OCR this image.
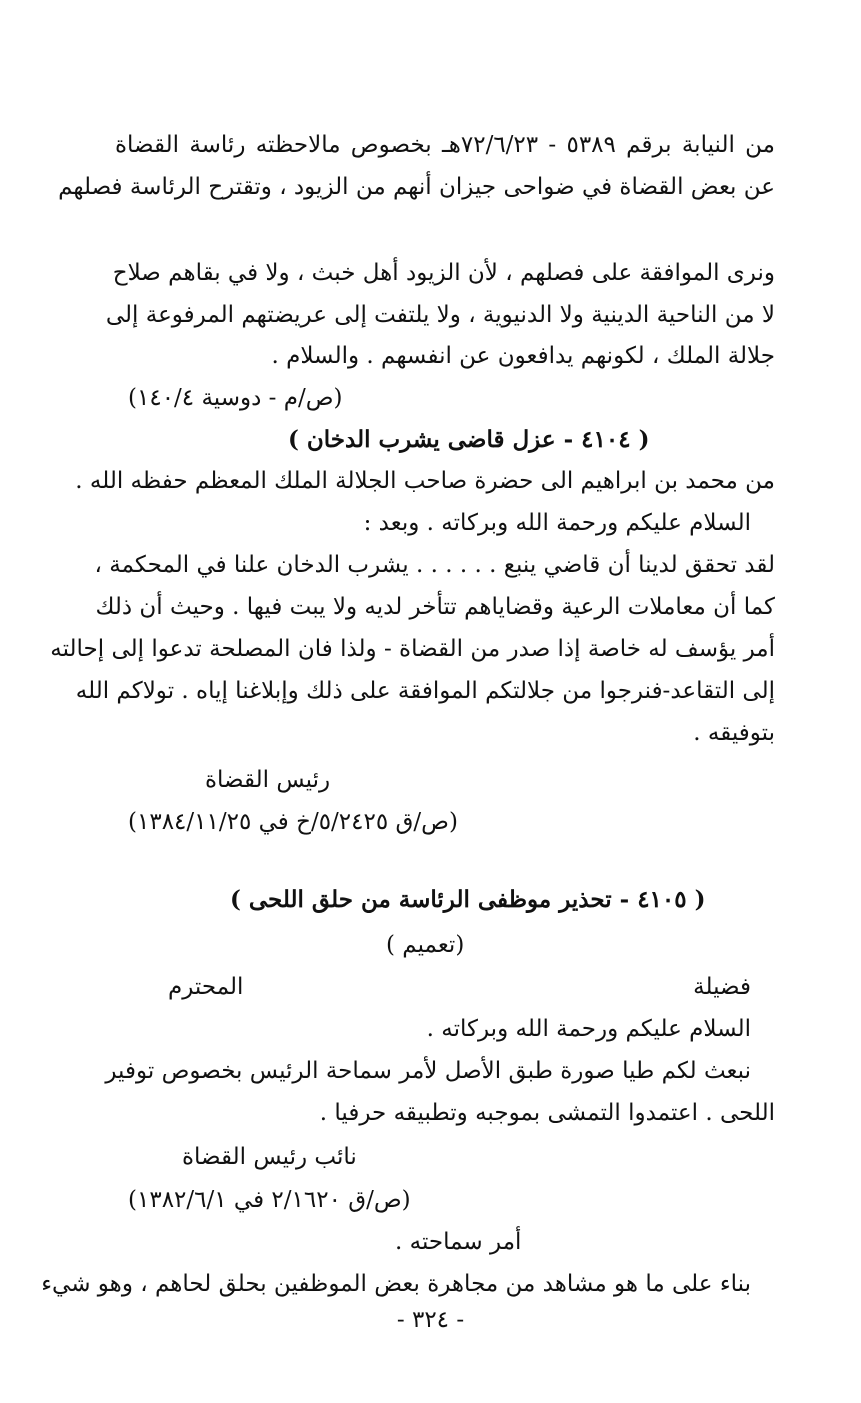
من النيابة برقم ٥٣٨٩ - ٧٢/٦/٢٣هـ بخصوص مالاحظته رئاسة القضاة
عن بعض القضاة في ضواحى جيزان أنهم من الزيود ، وتقترح الرئاسة فصلهم
ونرى الموافقة على فصلهم ، لأن الزيود أهل خبث ، ولا في بقاهم صلاح
لا من الناحية الدينية ولا الدنيوية ، ولا يلتفت إلى عريضتهم المرفوعة إلى
جلالة الملك ، لكونهم يدافعون عن انفسهم . والسلام .
(ص/م - دوسية ١٤٠/٤)
( ٤١٠٤ - عزل قاضى يشرب الدخان )
من محمد بن ابراهيم الى حضرة صاحب الجلالة الملك المعظم حفظه الله .
السلام عليكم ورحمة الله وبركاته . وبعد :
لقد تحقق لدينا أن قاضي ينبع . . . . . . يشرب الدخان علنا في المحكمة ،
كما أن معاملات الرعية وقضاياهم تتأخر لديه ولا يبت فيها . وحيث أن ذلك
أمر يؤسف له خاصة إذا صدر من القضاة - ولذا فان المصلحة تدعوا إلى إحالته
إلى التقاعد-فنرجوا من جلالتكم الموافقة على ذلك وإبلاغنا إياه . تولاكم الله
بتوفيقه .
رئيس القضاة
(ص/ق ٥/٢٤٢٥/خ في ١٣٨٤/١١/٢٥)
( ٤١٠٥ - تحذير موظفى الرئاسة من حلق اللحى )
(تعميم )
فضيلة
المحترم
السلام عليكم ورحمة الله وبركاته .
نبعث لكم طيا صورة طبق الأصل لأمر سماحة الرئيس بخصوص توفير
اللحى . اعتمدوا التمشى بموجبه وتطبيقه حرفيا .
نائب رئيس القضاة
(ص/ق ٢/١٦٢٠ في ١٣٨٢/٦/١)
أمر سماحته .
بناء على ما هو مشاهد من مجاهرة بعض الموظفين بحلق لحاهم ، وهو شيء
- ٣٢٤ -
